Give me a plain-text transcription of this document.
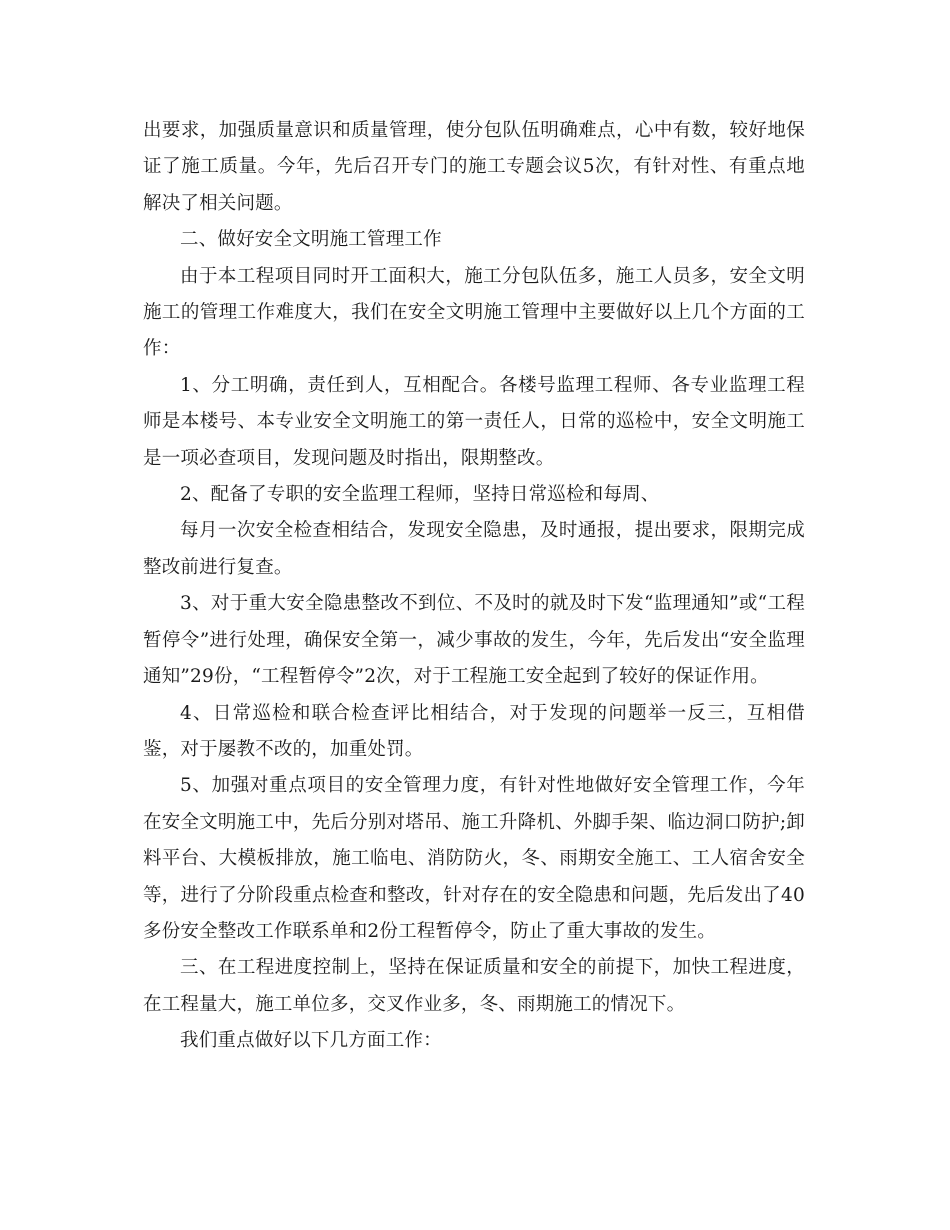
出要求，加强质量意识和质量管理，使分包队伍明确难点，心中有数，较好地保证了施工质量。今年，先后召开专门的施工专题会议5次，有针对性、有重点地解决了相关问题。

二、做好安全文明施工管理工作

由于本工程项目同时开工面积大，施工分包队伍多，施工人员多，安全文明施工的管理工作难度大，我们在安全文明施工管理中主要做好以上几个方面的工作：

1、分工明确，责任到人，互相配合。各楼号监理工程师、各专业监理工程师是本楼号、本专业安全文明施工的第一责任人，日常的巡检中，安全文明施工是一项必查项目，发现问题及时指出，限期整改。

2、配备了专职的安全监理工程师，坚持日常巡检和每周、

每月一次安全检查相结合，发现安全隐患，及时通报，提出要求，限期完成整改前进行复查。

3、对于重大安全隐患整改不到位、不及时的就及时下发“监理通知”或“工程暂停令”进行处理，确保安全第一，减少事故的发生，今年，先后发出“安全监理通知”29份，“工程暂停令”2次，对于工程施工安全起到了较好的保证作用。

4、日常巡检和联合检查评比相结合，对于发现的问题举一反三，互相借鉴，对于屡教不改的，加重处罚。

5、加强对重点项目的安全管理力度，有针对性地做好安全管理工作，今年在安全文明施工中，先后分别对塔吊、施工升降机、外脚手架、临边洞口防护;卸料平台、大模板排放，施工临电、消防防火，冬、雨期安全施工、工人宿舍安全等，进行了分阶段重点检查和整改，针对存在的安全隐患和问题，先后发出了40多份安全整改工作联系单和2份工程暂停令，防止了重大事故的发生。

三、在工程进度控制上，坚持在保证质量和安全的前提下，加快工程进度，在工程量大，施工单位多，交叉作业多，冬、雨期施工的情况下。

我们重点做好以下几方面工作：
